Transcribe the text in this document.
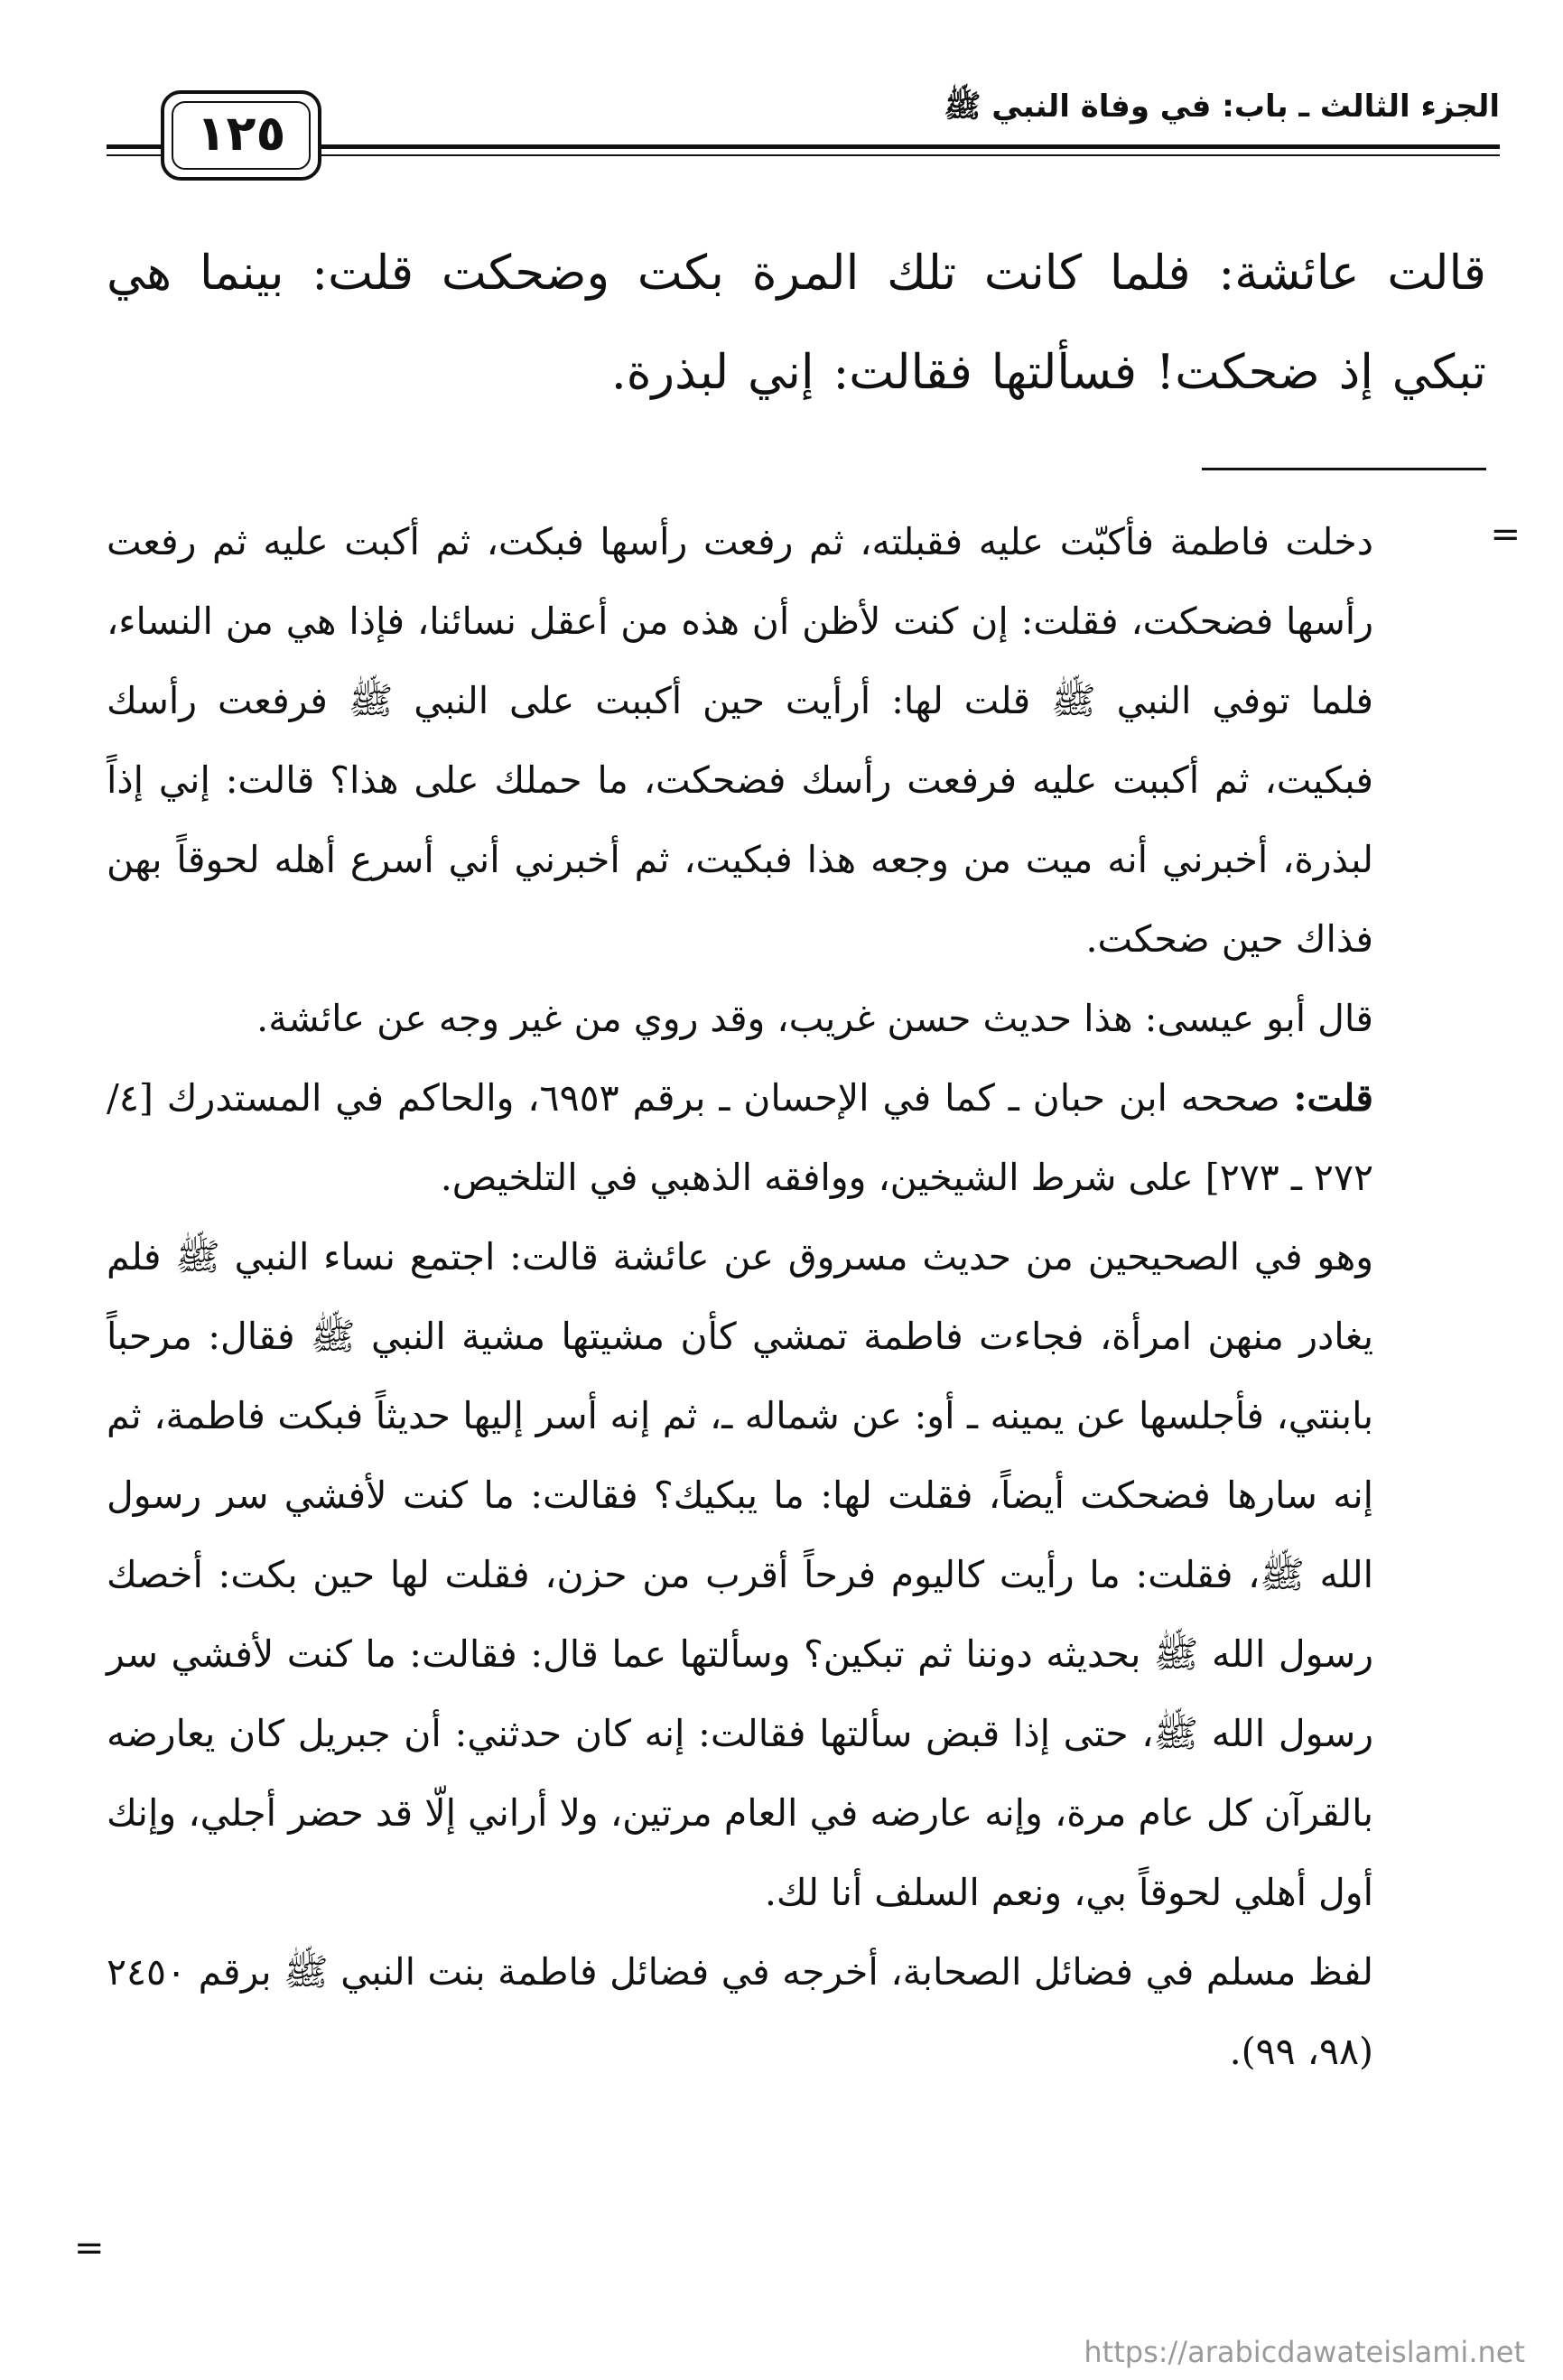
الجزء الثالث ـ باب: في وفاة النبي ﷺ
١٢٥
قالت عائشة: فلما كانت تلك المرة بكت وضحكت قلت: بينما هي تبكي إذ ضحكت! فسألتها فقالت: إني لبذرة.
=

دخلت فاطمة فأكبّت عليه فقبلته، ثم رفعت رأسها فبكت، ثم أكبت عليه ثم رفعت رأسها فضحكت، فقلت: إن كنت لأظن أن هذه من أعقل نسائنا، فإذا هي من النساء، فلما توفي النبي ﷺ قلت لها: أرأيت حين أكببت على النبي ﷺ فرفعت رأسك فبكيت، ثم أكببت عليه فرفعت رأسك فضحكت، ما حملك على هذا؟ قالت: إني إذاً لبذرة، أخبرني أنه ميت من وجعه هذا فبكيت، ثم أخبرني أني أسرع أهله لحوقاً بهن فذاك حين ضحكت.

قال أبو عيسى: هذا حديث حسن غريب، وقد روي من غير وجه عن عائشة.

قلت: صححه ابن حبان ـ كما في الإحسان ـ برقم ٦٩٥٣، والحاكم في المستدرك [٤/ ٢٧٢ ـ ٢٧٣] على شرط الشيخين، ووافقه الذهبي في التلخيص.

وهو في الصحيحين من حديث مسروق عن عائشة قالت: اجتمع نساء النبي ﷺ فلم يغادر منهن امرأة، فجاءت فاطمة تمشي كأن مشيتها مشية النبي ﷺ فقال: مرحباً بابنتي، فأجلسها عن يمينه ـ أو: عن شماله ـ، ثم إنه أسر إليها حديثاً فبكت فاطمة، ثم إنه سارها فضحكت أيضاً، فقلت لها: ما يبكيك؟ فقالت: ما كنت لأفشي سر رسول الله ﷺ، فقلت: ما رأيت كاليوم فرحاً أقرب من حزن، فقلت لها حين بكت: أخصك رسول الله ﷺ بحديثه دوننا ثم تبكين؟ وسألتها عما قال: فقالت: ما كنت لأفشي سر رسول الله ﷺ، حتى إذا قبض سألتها فقالت: إنه كان حدثني: أن جبريل كان يعارضه بالقرآن كل عام مرة، وإنه عارضه في العام مرتين، ولا أراني إلّا قد حضر أجلي، وإنك أول أهلي لحوقاً بي، ونعم السلف أنا لك.

لفظ مسلم في فضائل الصحابة، أخرجه في فضائل فاطمة بنت النبي ﷺ برقم ٢٤٥٠ (٩٨، ٩٩).

=
https://arabicdawateislami.net
